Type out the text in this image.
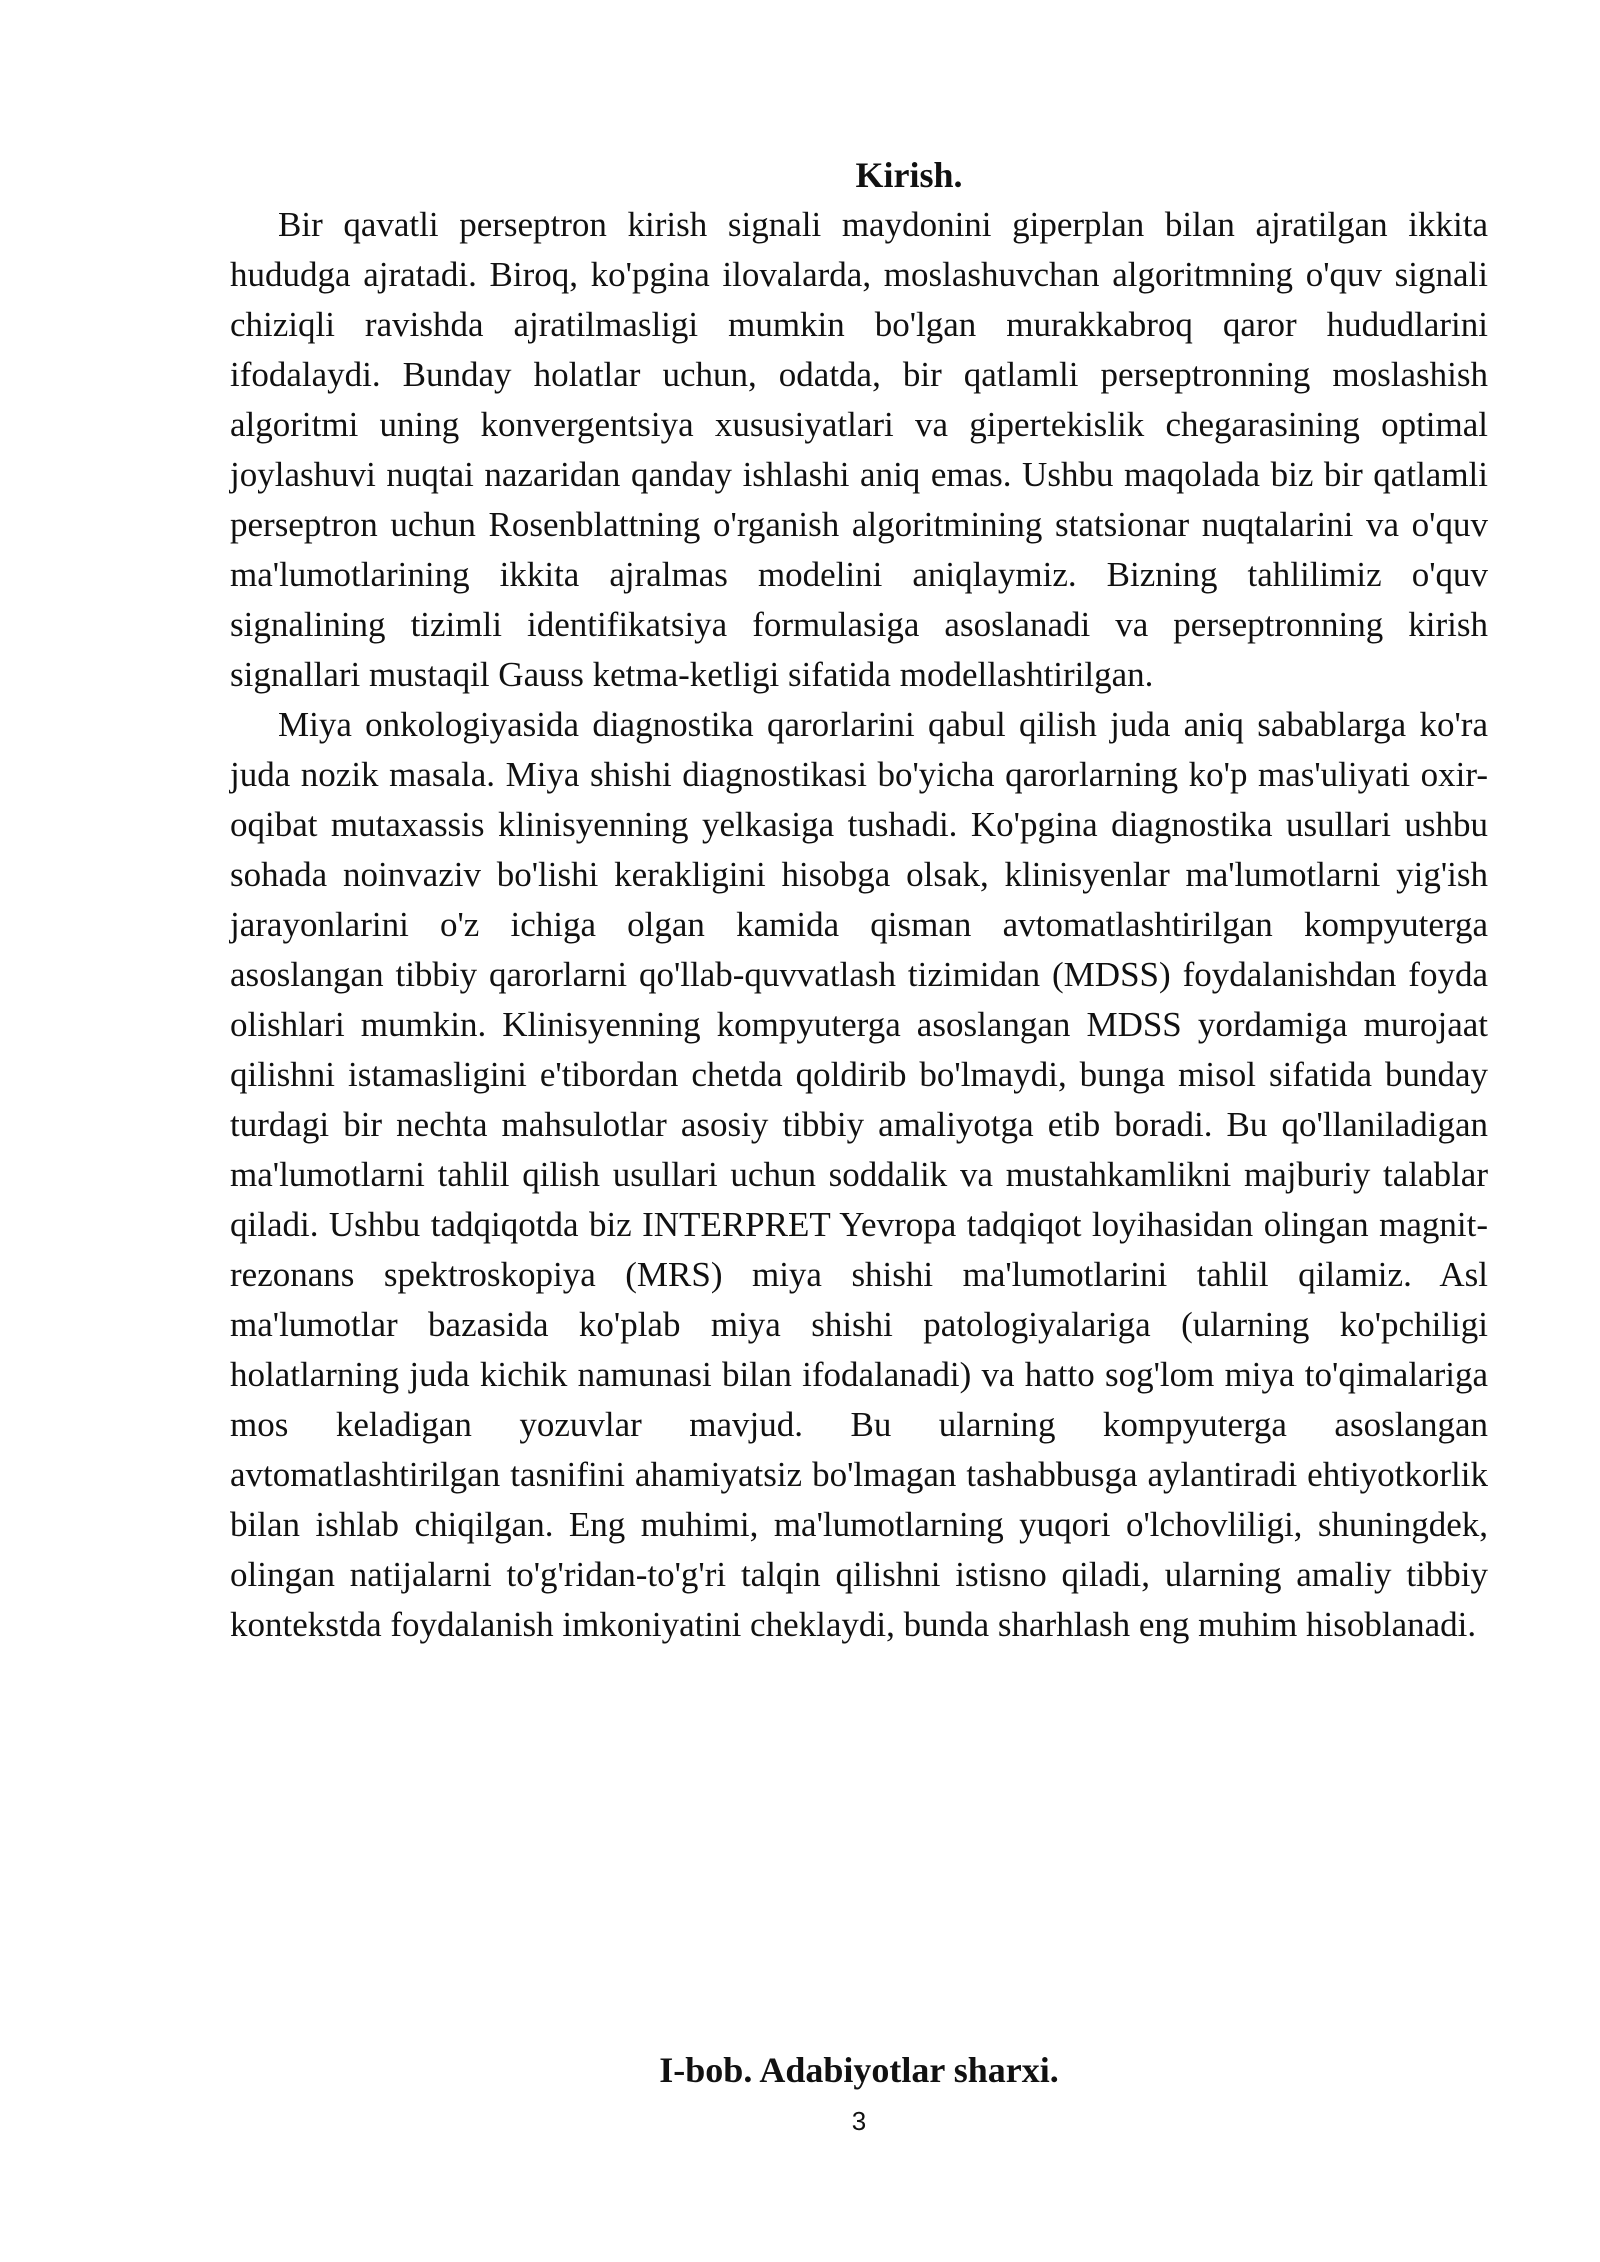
Kirish.

Bir qavatli perseptron kirish signali maydonini giperplan bilan ajratilgan ikkita hududga ajratadi. Biroq, ko'pgina ilovalarda, moslashuvchan algoritmning o'quv signali chiziqli ravishda ajratilmasligi mumkin bo'lgan murakkabroq qaror hududlarini ifodalaydi. Bunday holatlar uchun, odatda, bir qatlamli perseptronning moslashish algoritmi uning konvergentsiya xususiyatlari va gipertekislik chegarasining optimal joylashuvi nuqtai nazaridan qanday ishlashi aniq emas. Ushbu maqolada biz bir qatlamli perseptron uchun Rosenblattning o'rganish algoritmining statsionar nuqtalarini va o'quv ma'lumotlarining ikkita ajralmas modelini aniqlaymiz. Bizning tahlilimiz o'quv signalining tizimli identifikatsiya formulasiga asoslanadi va perseptronning kirish signallari mustaqil Gauss ketma-ketligi sifatida modellashtirilgan.

Miya onkologiyasida diagnostika qarorlarini qabul qilish juda aniq sabablarga ko'ra juda nozik masala. Miya shishi diagnostikasi bo'yicha qarorlarning ko'p mas'uliyati oxir-oqibat mutaxassis klinisyenning yelkasiga tushadi. Ko'pgina diagnostika usullari ushbu sohada noinvaziv bo'lishi kerakligini hisobga olsak, klinisyenlar ma'lumotlarni yig'ish jarayonlarini o'z ichiga olgan kamida qisman avtomatlashtirilgan kompyuterga asoslangan tibbiy qarorlarni qo'llab-quvvatlash tizimidan (MDSS) foydalanishdan foyda olishlari mumkin. Klinisyenning kompyuterga asoslangan MDSS yordamiga murojaat qilishni istamasligini e'tibordan chetda qoldirib bo'lmaydi, bunga misol sifatida bunday turdagi bir nechta mahsulotlar asosiy tibbiy amaliyotga etib boradi. Bu qo'llaniladigan ma'lumotlarni tahlil qilish usullari uchun soddalik va mustahkamlikni majburiy talablar qiladi. Ushbu tadqiqotda biz INTERPRET Yevropa tadqiqot loyihasidan olingan magnit-rezonans spektroskopiya (MRS) miya shishi ma'lumotlarini tahlil qilamiz. Asl ma'lumotlar bazasida ko'plab miya shishi patologiyalariga (ularning ko'pchiligi holatlarning juda kichik namunasi bilan ifodalanadi) va hatto sog'lom miya to'qimalariga mos keladigan yozuvlar mavjud. Bu ularning kompyuterga asoslangan avtomatlashtirilgan tasnifini ahamiyatsiz bo'lmagan tashabbusga aylantiradi ehtiyotkorlik bilan ishlab chiqilgan. Eng muhimi, ma'lumotlarning yuqori o'lchovliligi, shuningdek, olingan natijalarni to'g'ridan-to'g'ri talqin qilishni istisno qiladi, ularning amaliy tibbiy kontekstda foydalanish imkoniyatini cheklaydi, bunda sharhlash eng muhim hisoblanadi.

I-bob. Adabiyotlar sharxi.
3
